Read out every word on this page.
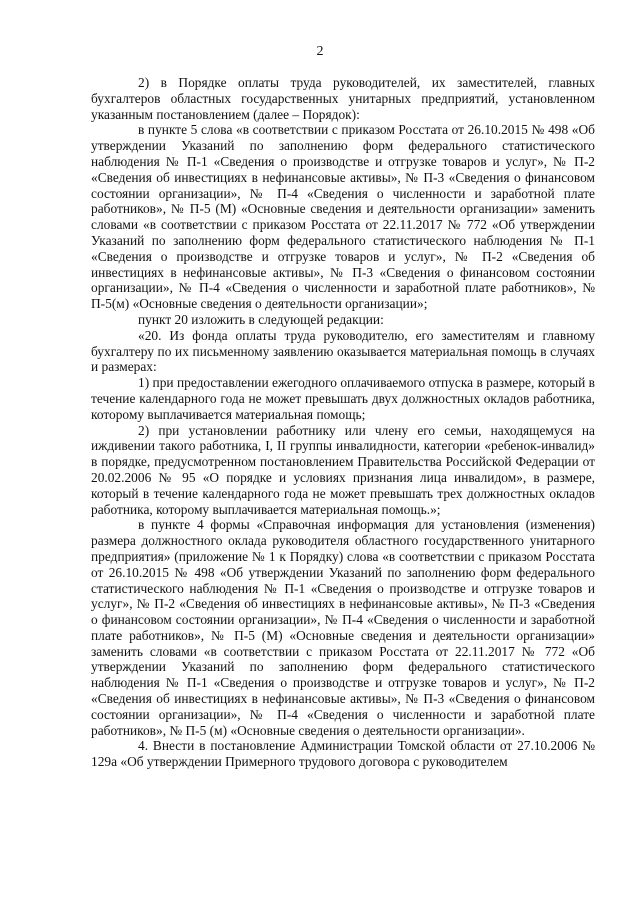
2

2) в Порядке оплаты труда руководителей, их заместителей, главных бухгалтеров областных государственных унитарных предприятий, установленном указанным постановлением (далее – Порядок):

в пункте 5 слова «в соответствии с приказом Росстата от 26.10.2015 № 498 «Об утверждении Указаний по заполнению форм федерального статистического наблюдения № П-1 «Сведения о производстве и отгрузке товаров и услуг», № П-2 «Сведения об инвестициях в нефинансовые активы», № П-3 «Сведения о финансовом состоянии организации», № П-4 «Сведения о численности и заработной плате работников», № П-5 (М) «Основные сведения и деятельности организации» заменить словами «в соответствии с приказом Росстата от 22.11.2017 № 772 «Об утверждении Указаний по заполнению форм федерального статистического наблюдения № П-1 «Сведения о производстве и отгрузке товаров и услуг», № П-2 «Сведения об инвестициях в нефинансовые активы», № П-3 «Сведения о финансовом состоянии организации», № П-4 «Сведения о численности и заработной плате работников», № П-5(м) «Основные сведения о деятельности организации»;

пункт 20 изложить в следующей редакции:

«20. Из фонда оплаты труда руководителю, его заместителям и главному бухгалтеру по их письменному заявлению оказывается материальная помощь в случаях и размерах:

1) при предоставлении ежегодного оплачиваемого отпуска в размере, который в течение календарного года не может превышать двух должностных окладов работника, которому выплачивается материальная помощь;

2) при установлении работнику или члену его семьи, находящемуся на иждивении такого работника, I, II группы инвалидности, категории «ребенок-инвалид» в порядке, предусмотренном постановлением Правительства Российской Федерации от 20.02.2006 № 95 «О порядке и условиях признания лица инвалидом», в размере, который в течение календарного года не может превышать трех должностных окладов работника, которому выплачивается материальная помощь.»;

в пункте 4 формы «Справочная информация для установления (изменения) размера должностного оклада руководителя областного государственного унитарного предприятия» (приложение № 1 к Порядку) слова «в соответствии с приказом Росстата от 26.10.2015 № 498 «Об утверждении Указаний по заполнению форм федерального статистического наблюдения № П-1 «Сведения о производстве и отгрузке товаров и услуг», № П-2 «Сведения об инвестициях в нефинансовые активы», № П-3 «Сведения о финансовом состоянии организации», № П-4 «Сведения о численности и заработной плате работников», № П-5 (М) «Основные сведения и деятельности организации» заменить словами «в соответствии с приказом Росстата от 22.11.2017 № 772 «Об утверждении Указаний по заполнению форм федерального статистического наблюдения № П-1 «Сведения о производстве и отгрузке товаров и услуг», № П-2 «Сведения об инвестициях в нефинансовые активы», № П-3 «Сведения о финансовом состоянии организации», № П-4 «Сведения о численности и заработной плате работников», № П-5 (м) «Основные сведения о деятельности организации».

4. Внести в постановление Администрации Томской области от 27.10.2006 № 129а «Об утверждении Примерного трудового договора с руководителем
